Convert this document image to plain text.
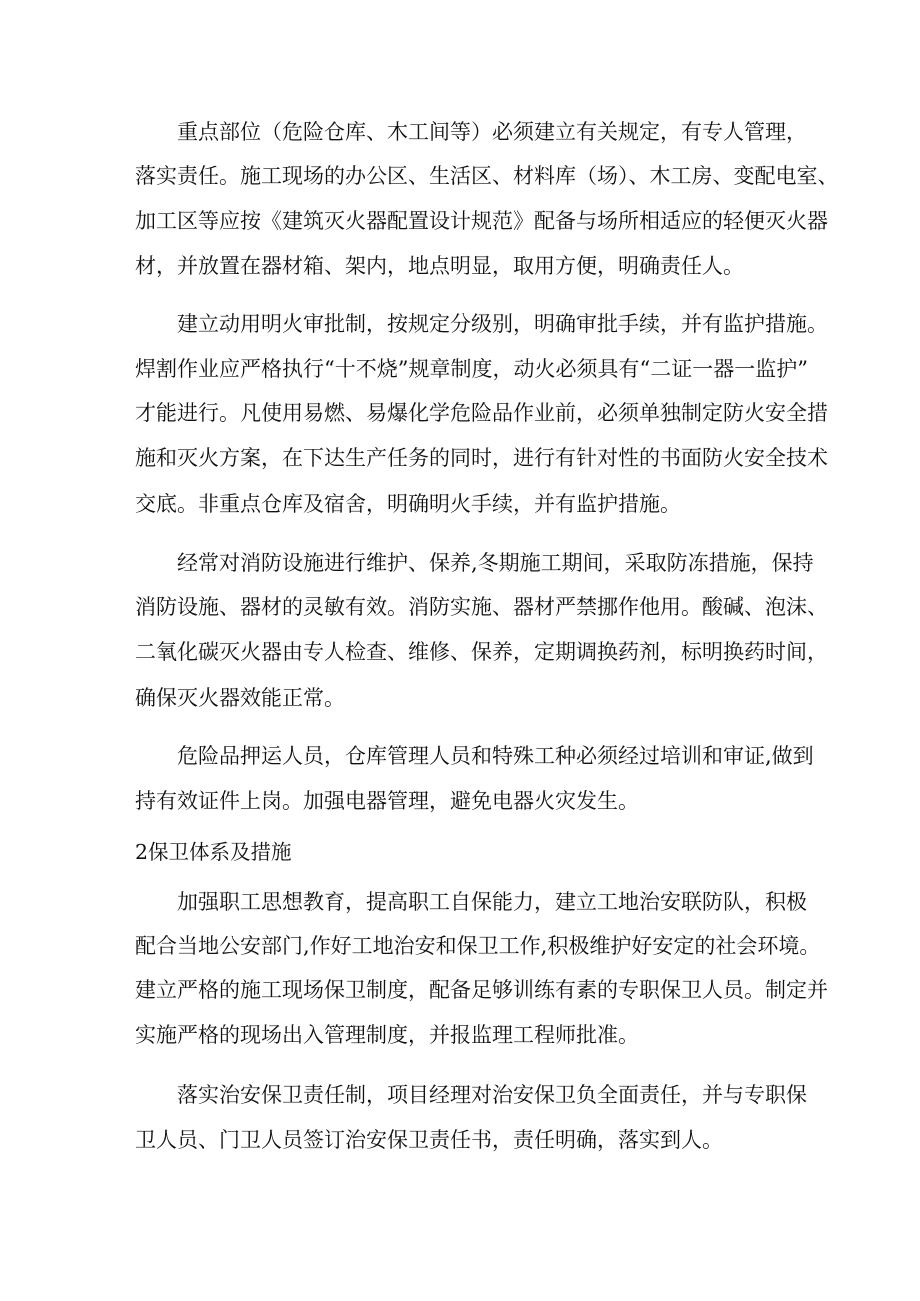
重点部位（危险仓库、木工间等）必须建立有关规定，有专人管理，
落实责任。施工现场的办公区、生活区、材料库（场）、木工房、变配电室、
加工区等应按《建筑灭火器配置设计规范》配备与场所相适应的轻便灭火器
材，并放置在器材箱、架内，地点明显，取用方便，明确责任人。
建立动用明火审批制，按规定分级别，明确审批手续，并有监护措施。
焊割作业应严格执行“十不烧”规章制度，动火必须具有“二证一器一监护”
才能进行。凡使用易燃、易爆化学危险品作业前，必须单独制定防火安全措
施和灭火方案，在下达生产任务的同时，进行有针对性的书面防火安全技术
交底。非重点仓库及宿舍，明确明火手续，并有监护措施。
经常对消防设施进行维护、保养,冬期施工期间，采取防冻措施，保持
消防设施、器材的灵敏有效。消防实施、器材严禁挪作他用。酸碱、泡沫、
二氧化碳灭火器由专人检查、维修、保养，定期调换药剂，标明换药时间，
确保灭火器效能正常。
危险品押运人员，仓库管理人员和特殊工种必须经过培训和审证,做到
持有效证件上岗。加强电器管理，避免电器火灾发生。
2保卫体系及措施
加强职工思想教育，提高职工自保能力，建立工地治安联防队，积极
配合当地公安部门,作好工地治安和保卫工作,积极维护好安定的社会环境。
建立严格的施工现场保卫制度，配备足够训练有素的专职保卫人员。制定并
实施严格的现场出入管理制度，并报监理工程师批准。
落实治安保卫责任制，项目经理对治安保卫负全面责任，并与专职保
卫人员、门卫人员签订治安保卫责任书，责任明确，落实到人。
